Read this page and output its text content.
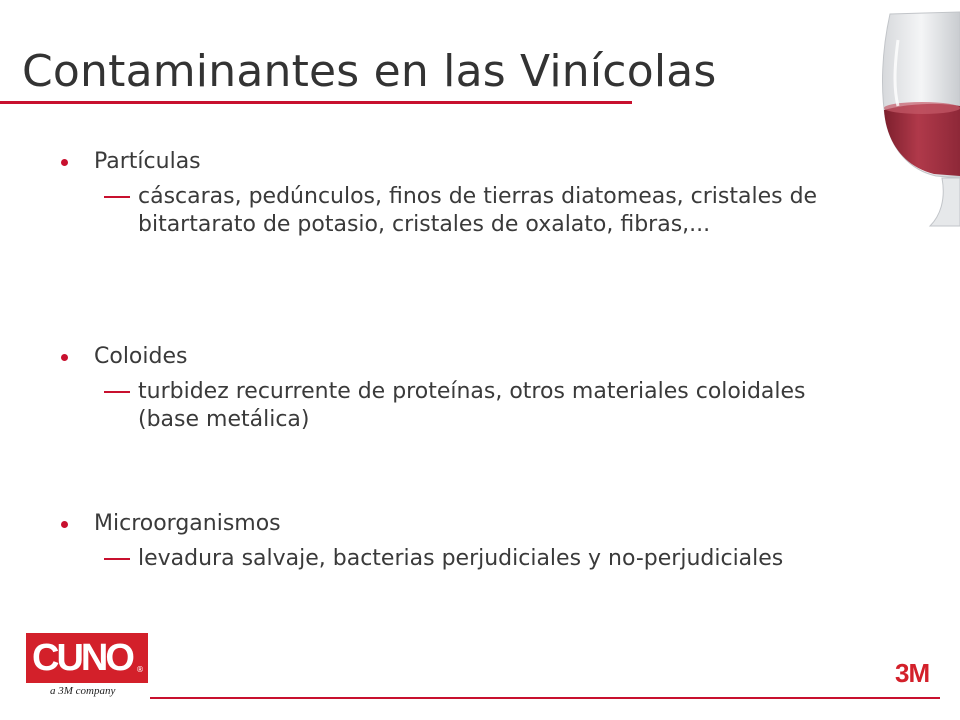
Contaminantes en las Vinícolas
Partículas
cáscaras, pedúnculos, finos de tierras diatomeas, cristales de bitartarato de potasio, cristales de oxalato, fibras,...
Coloides
turbidez recurrente de proteínas, otros materiales coloidales (base metálica)
Microorganismos
levadura salvaje, bacterias perjudiciales y no-perjudiciales
CUNO ®
a 3M company
3M
